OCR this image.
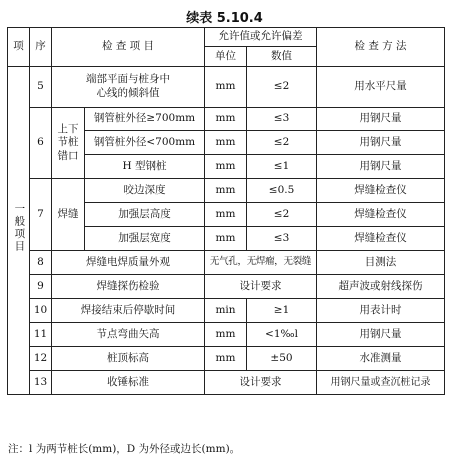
续表 5.10.4
项	序	检 查 项 目		允许值或允许偏差		检 查 方 法
				单位	数值	
一般项目	5	端部平面与桩身中心线的倾斜值		mm	≤2	用水平尺量
	6	上下节桩错口	钢管桩外径≥700mm	mm	≤3	用钢尺量
			钢管桩外径<700mm	mm	≤2	用钢尺量
			H 型钢桩	mm	≤1	用钢尺量
	7	焊缝	咬边深度	mm	≤0.5	焊缝检查仪
			加强层高度	mm	≤2	焊缝检查仪
			加强层宽度	mm	≤3	焊缝检查仪
	8	焊缝电焊质量外观		无气孔，无焊瘤，无裂缝		目测法
	9	焊缝探伤检验		设计要求		超声波或射线探伤
	10	焊接结束后停歇时间		min	≥1	用表计时
	11	节点弯曲矢高		mm	<1‰l	用钢尺量
	12	桩顶标高		mm	±50	水准测量
	13	收锤标准		设计要求		用钢尺量或查沉桩记录
注：l 为两节桩长(mm)，D 为外径或边长(mm)。
